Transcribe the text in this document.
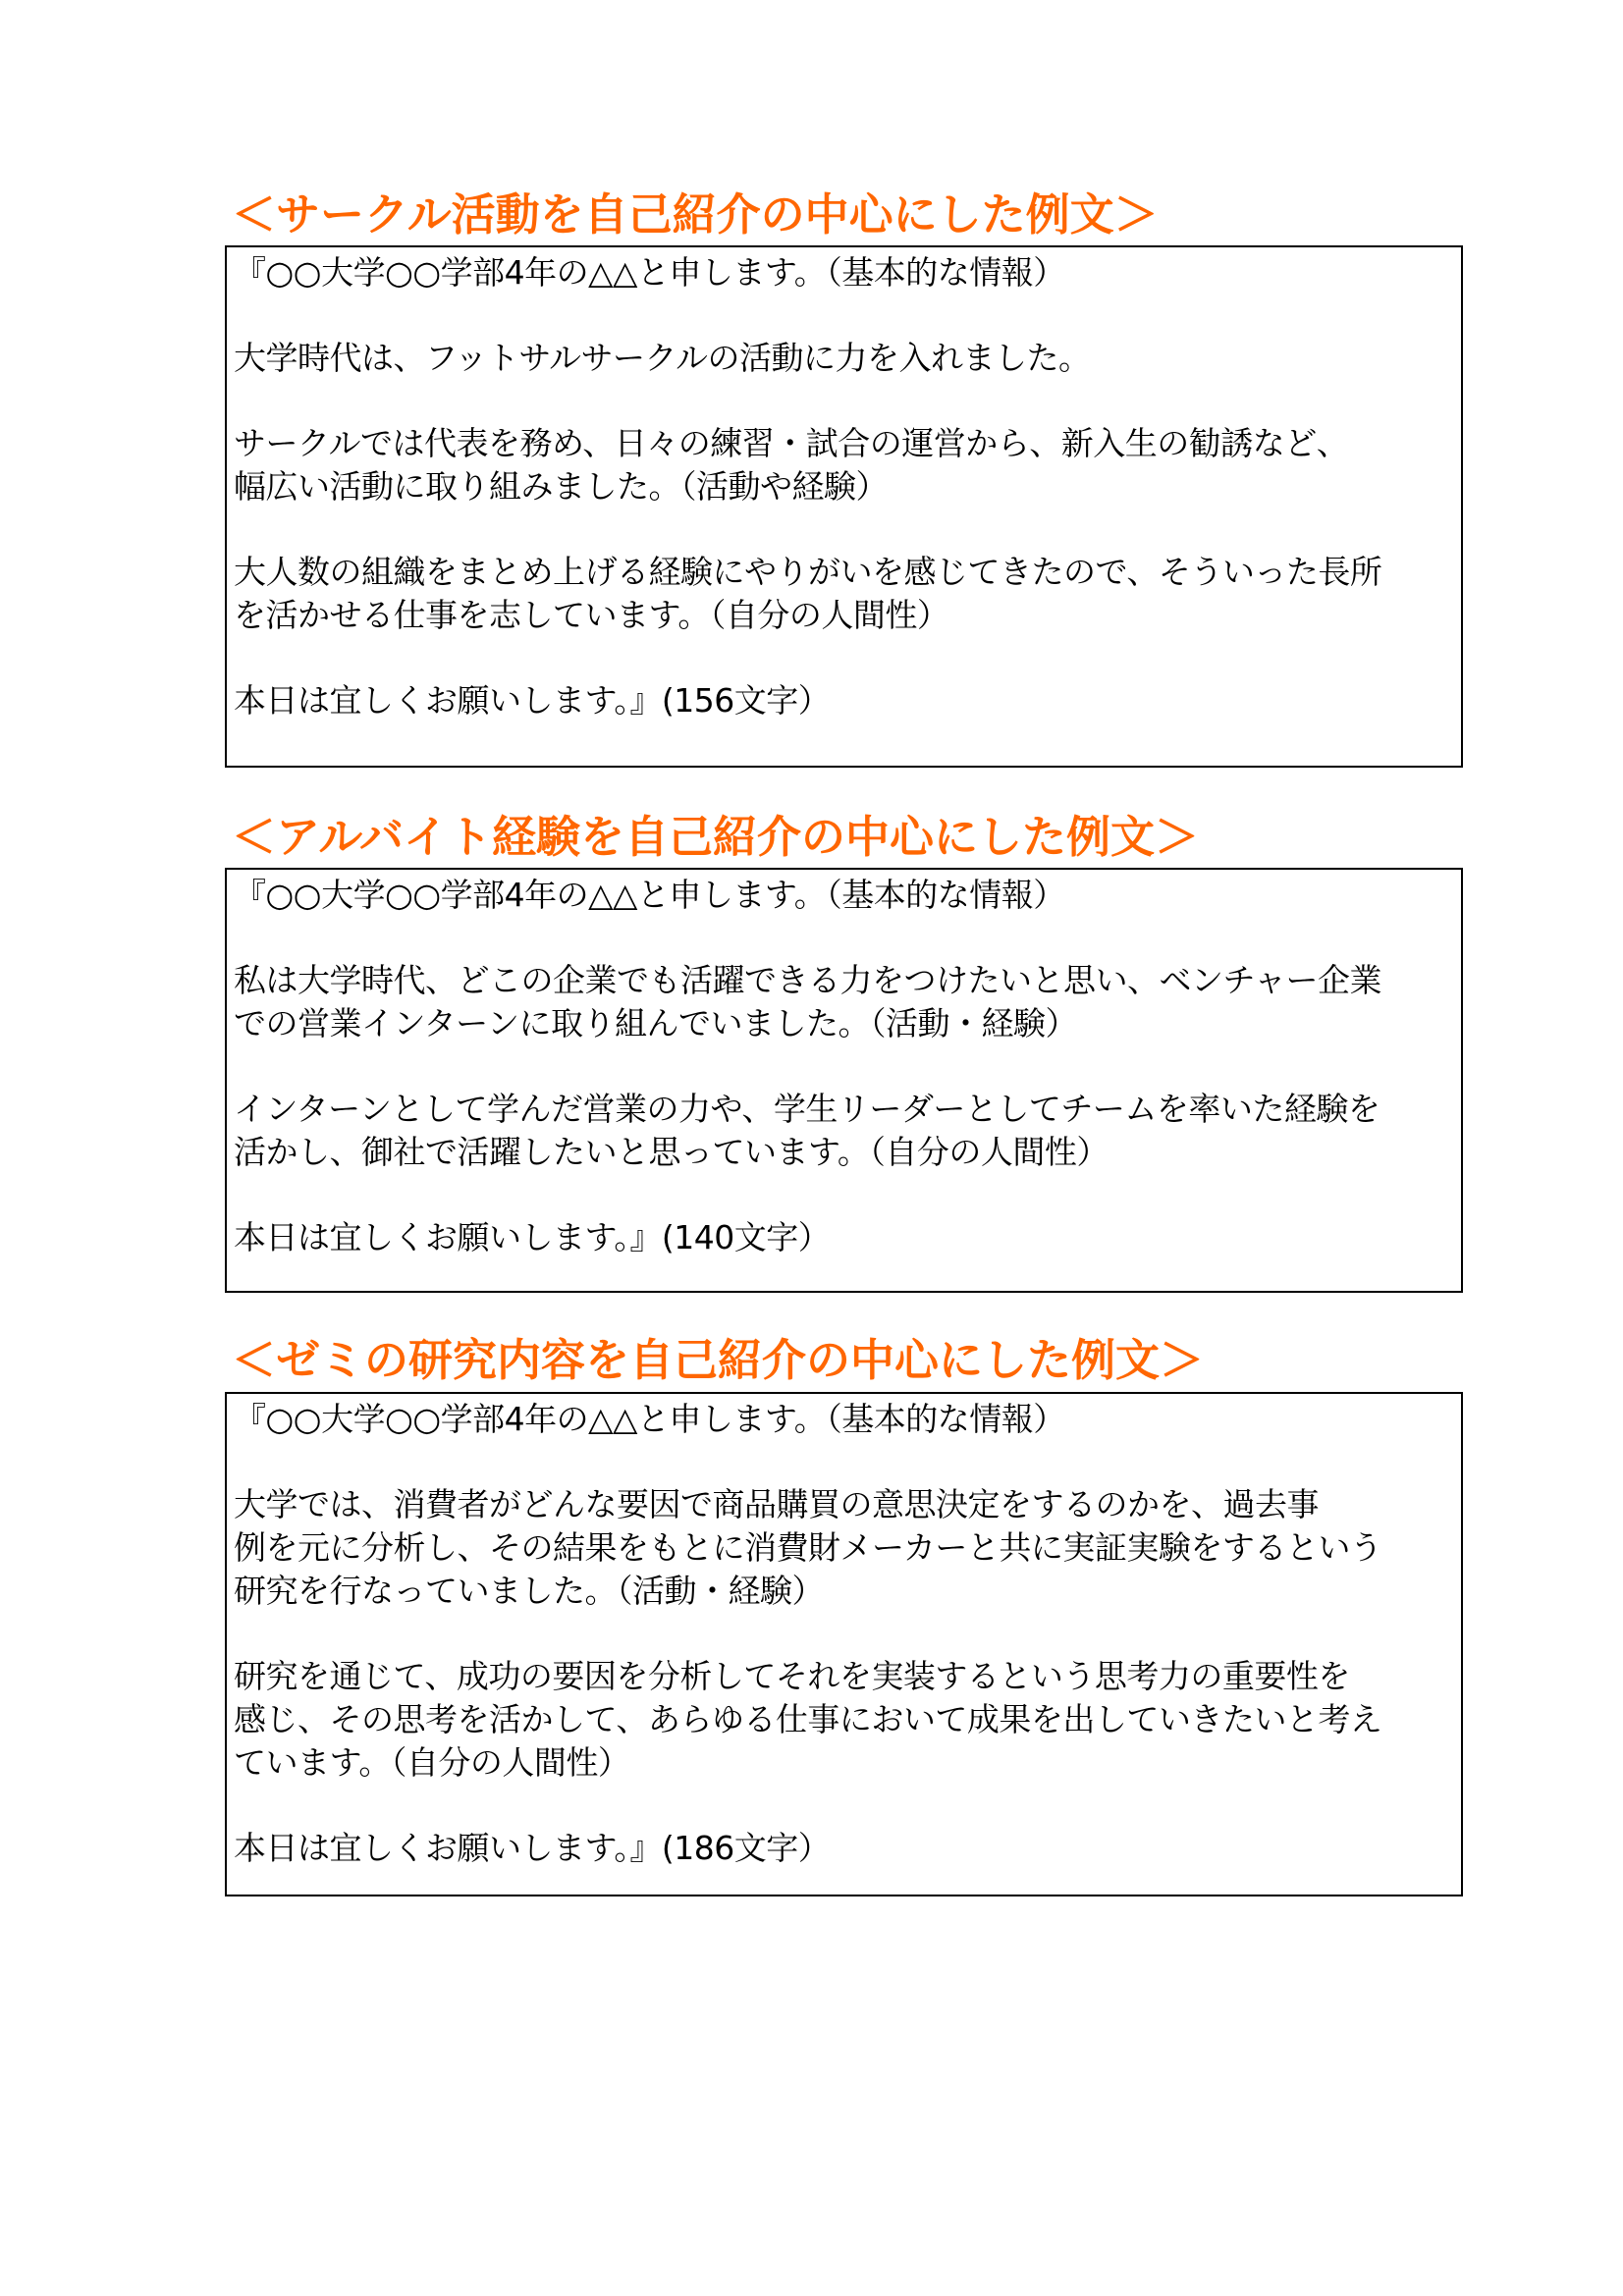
＜サークル活動を自己紹介の中心にした例文＞

『○○大学○○学部4年の△△と申します。（基本的な情報）

大学時代は、フットサルサークルの活動に力を入れました。

サークルでは代表を務め、日々の練習・試合の運営から、新入生の勧誘など、
幅広い活動に取り組みました。（活動や経験）

大人数の組織をまとめ上げる経験にやりがいを感じてきたので、そういった長所
を活かせる仕事を志しています。（自分の人間性）

本日は宜しくお願いします。』(156文字）

＜アルバイト経験を自己紹介の中心にした例文＞

『○○大学○○学部4年の△△と申します。（基本的な情報）

私は大学時代、どこの企業でも活躍できる力をつけたいと思い、ベンチャー企業
での営業インターンに取り組んでいました。（活動・経験）

インターンとして学んだ営業の力や、学生リーダーとしてチームを率いた経験を
活かし、御社で活躍したいと思っています。（自分の人間性）

本日は宜しくお願いします。』(140文字）

＜ゼミの研究内容を自己紹介の中心にした例文＞

『○○大学○○学部4年の△△と申します。（基本的な情報）

大学では、消費者がどんな要因で商品購買の意思決定をするのかを、過去事
例を元に分析し、その結果をもとに消費財メーカーと共に実証実験をするという
研究を行なっていました。（活動・経験）

研究を通じて、成功の要因を分析してそれを実装するという思考力の重要性を
感じ、その思考を活かして、あらゆる仕事において成果を出していきたいと考え
ています。（自分の人間性）

本日は宜しくお願いします。』(186文字）
